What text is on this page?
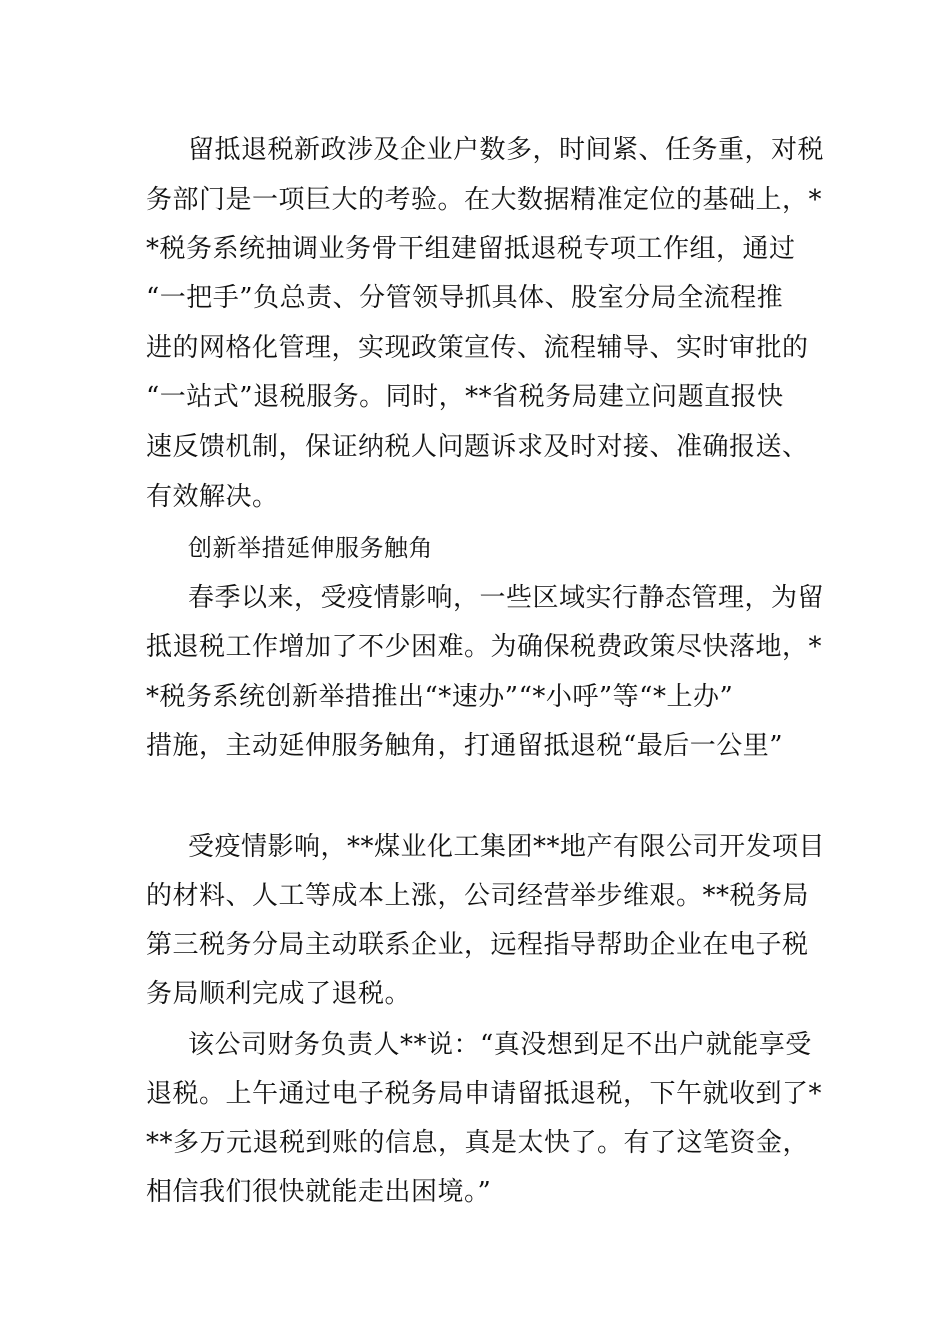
留抵退税新政涉及企业户数多，时间紧、任务重，对税
务部门是一项巨大的考验。在大数据精准定位的基础上，*
*税务系统抽调业务骨干组建留抵退税专项工作组，通过
“一把手”负总责、分管领导抓具体、股室分局全流程推
进的网格化管理，实现政策宣传、流程辅导、实时审批的
“一站式”退税服务。同时，**省税务局建立问题直报快
速反馈机制，保证纳税人问题诉求及时对接、准确报送、
有效解决。
创新举措延伸服务触角
春季以来，受疫情影响，一些区域实行静态管理，为留
抵退税工作增加了不少困难。为确保税费政策尽快落地，*
*税务系统创新举措推出“*速办”“*小呼”等“*上办”
措施，主动延伸服务触角，打通留抵退税“最后一公里”
受疫情影响，**煤业化工集团**地产有限公司开发项目
的材料、人工等成本上涨，公司经营举步维艰。**税务局
第三税务分局主动联系企业，远程指导帮助企业在电子税
务局顺利完成了退税。
该公司财务负责人**说：“真没想到足不出户就能享受
退税。上午通过电子税务局申请留抵退税，下午就收到了*
**多万元退税到账的信息，真是太快了。有了这笔资金，
相信我们很快就能走出困境。”
